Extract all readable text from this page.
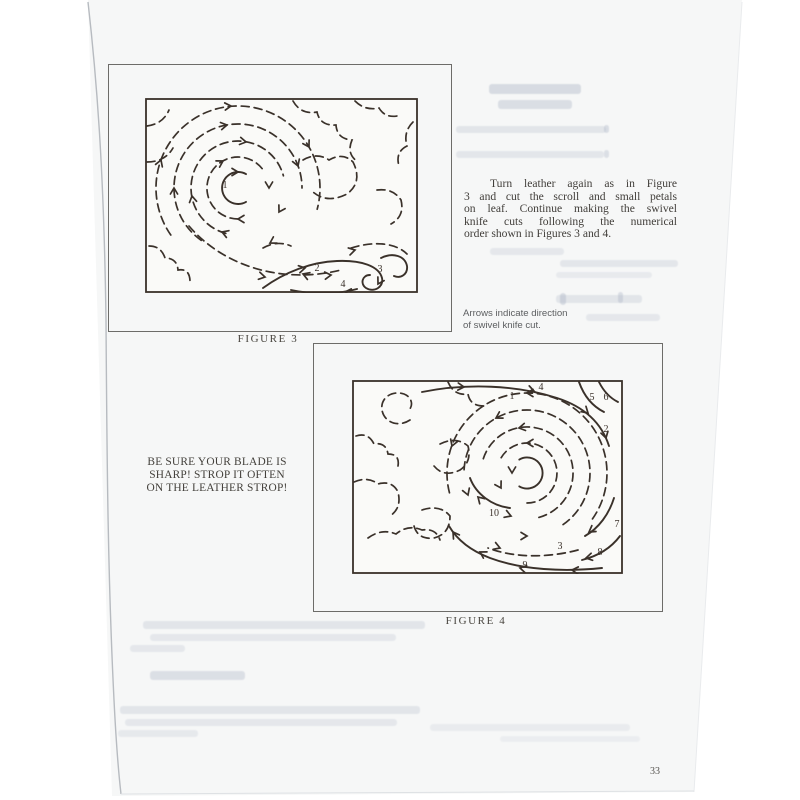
1
2	3
4
FIGURE 3
Turn leather again as in Figure
3 and cut the scroll and small petals
on leaf. Continue making the swivel
knife cuts following the numerical
order shown in Figures 3 and 4.
Arrows indicate direction
of swivel knife cut.
1
4
5 6
2
10
7
3
8
9
FIGURE 4
BE SURE YOUR BLADE IS
SHARP! STROP IT OFTEN
ON THE LEATHER STROP!
33
